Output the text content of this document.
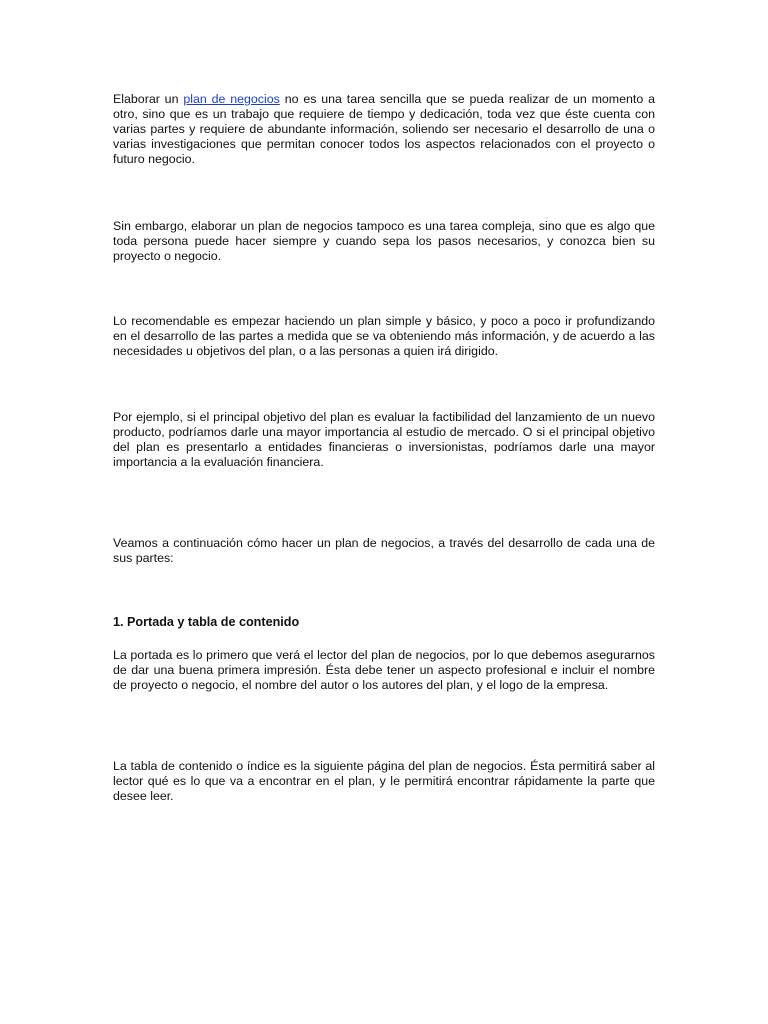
Elaborar un plan de negocios no es una tarea sencilla que se pueda realizar de un momento a otro, sino que es un trabajo que requiere de tiempo y dedicación, toda vez que éste cuenta con varias partes y requiere de abundante información, soliendo ser necesario el desarrollo de una o varias investigaciones que permitan conocer todos los aspectos relacionados con el proyecto o futuro negocio.

Sin embargo, elaborar un plan de negocios tampoco es una tarea compleja, sino que es algo que toda persona puede hacer siempre y cuando sepa los pasos necesarios, y conozca bien su proyecto o negocio.

Lo recomendable es empezar haciendo un plan simple y básico, y poco a poco ir profundizando en el desarrollo de las partes a medida que se va obteniendo más información, y de acuerdo a las necesidades u objetivos del plan, o a las personas a quien irá dirigido.

Por ejemplo, si el principal objetivo del plan es evaluar la factibilidad del lanzamiento de un nuevo producto, podríamos darle una mayor importancia al estudio de mercado. O si el principal objetivo del plan es presentarlo a entidades financieras o inversionistas, podríamos darle una mayor importancia a la evaluación financiera.

Veamos a continuación cómo hacer un plan de negocios, a través del desarrollo de cada una de sus partes:

1. Portada y tabla de contenido

La portada es lo primero que verá el lector del plan de negocios, por lo que debemos asegurarnos de dar una buena primera impresión. Ésta debe tener un aspecto profesional e incluir el nombre de proyecto o negocio, el nombre del autor o los autores del plan, y el logo de la empresa.

La tabla de contenido o índice es la siguiente página del plan de negocios. Ésta permitirá saber al lector qué es lo que va a encontrar en el plan, y le permitirá encontrar rápidamente la parte que desee leer.
